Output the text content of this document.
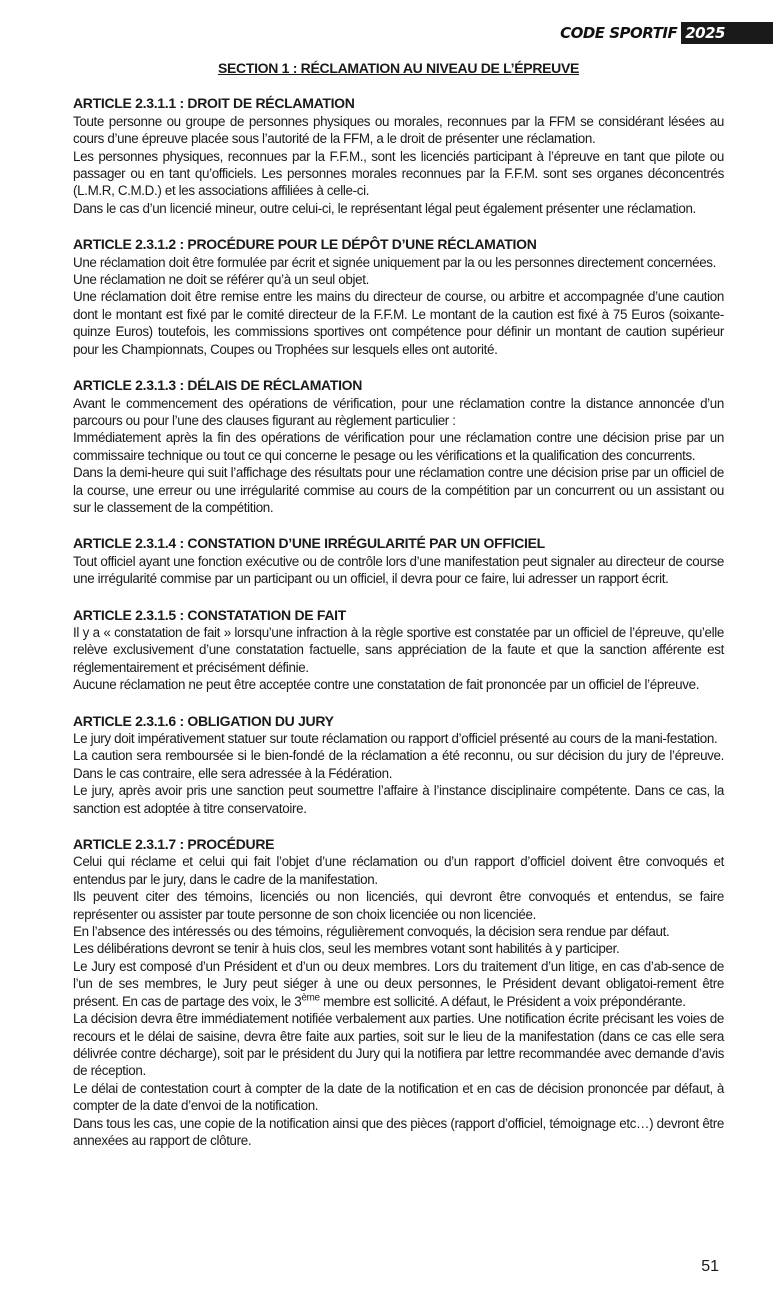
CODE SPORTIF 2025
SECTION 1 : RÉCLAMATION AU NIVEAU DE L’ÉPREUVE
ARTICLE 2.3.1.1 : DROIT DE RÉCLAMATION

Toute personne ou groupe de personnes physiques ou morales, reconnues par la FFM se considérant lésées au cours d’une épreuve placée sous l’autorité de la FFM, a le droit de présenter une réclamation.

Les personnes physiques, reconnues par la F.F.M., sont les licenciés participant à l’épreuve en tant que pilote ou passager ou en tant qu’officiels. Les personnes morales reconnues par la F.F.M. sont ses organes déconcentrés (L.M.R, C.M.D.) et les associations affiliées à celle-ci.

Dans le cas d’un licencié mineur, outre celui-ci, le représentant légal peut également présenter une réclamation.

ARTICLE 2.3.1.2 : PROCÉDURE POUR LE DÉPÔT D’UNE RÉCLAMATION

Une réclamation doit être formulée par écrit et signée uniquement par la ou les personnes directement concernées.

Une réclamation ne doit se référer qu’à un seul objet.

Une réclamation doit être remise entre les mains du directeur de course, ou arbitre et accompagnée d’une caution dont le montant est fixé par le comité directeur de la F.F.M. Le montant de la caution est fixé à 75 Euros (soixante-quinze Euros) toutefois, les commissions sportives ont compétence pour définir un montant de caution supérieur pour les Championnats, Coupes ou Trophées sur lesquels elles ont autorité.

ARTICLE 2.3.1.3 : DÉLAIS DE RÉCLAMATION

Avant le commencement des opérations de vérification, pour une réclamation contre la distance annoncée d’un parcours ou pour l’une des clauses figurant au règlement particulier :

Immédiatement après la fin des opérations de vérification pour une réclamation contre une décision prise par un commissaire technique ou tout ce qui concerne le pesage ou les vérifications et la qualification des concurrents.

Dans la demi-heure qui suit l’affichage des résultats pour une réclamation contre une décision prise par un officiel de la course, une erreur ou une irrégularité commise au cours de la compétition par un concurrent ou un assistant ou sur le classement de la compétition.

ARTICLE 2.3.1.4 : CONSTATION D’UNE IRRÉGULARITÉ PAR UN OFFICIEL

Tout officiel ayant une fonction exécutive ou de contrôle lors d’une manifestation peut signaler au directeur de course une irrégularité commise par un participant ou un officiel, il devra pour ce faire, lui adresser un rapport écrit.

ARTICLE 2.3.1.5 : CONSTATATION DE FAIT

Il y a « constatation de fait » lorsqu’une infraction à la règle sportive est constatée par un officiel de l’épreuve, qu’elle relève exclusivement d’une constatation factuelle, sans appréciation de la faute et que la sanction afférente est réglementairement et précisément définie.

Aucune réclamation ne peut être acceptée contre une constatation de fait prononcée par un officiel de l’épreuve.

ARTICLE 2.3.1.6 : OBLIGATION DU JURY

Le jury doit impérativement statuer sur toute réclamation ou rapport d’officiel présenté au cours de la mani-festation.

La caution sera remboursée si le bien-fondé de la réclamation a été reconnu, ou sur décision du jury de l’épreuve. Dans le cas contraire, elle sera adressée à la Fédération.

Le jury, après avoir pris une sanction peut soumettre l’affaire à l’instance disciplinaire compétente. Dans ce cas, la sanction est adoptée à titre conservatoire.

ARTICLE 2.3.1.7 : PROCÉDURE

Celui qui réclame et celui qui fait l’objet d’une réclamation ou d’un rapport d’officiel doivent être convoqués et entendus par le jury, dans le cadre de la manifestation.

Ils peuvent citer des témoins, licenciés ou non licenciés, qui devront être convoqués et entendus, se faire représenter ou assister par toute personne de son choix licenciée ou non licenciée.

En l’absence des intéressés ou des témoins, régulièrement convoqués, la décision sera rendue par défaut.

Les délibérations devront se tenir à huis clos, seul les membres votant sont habilités à y participer.

Le Jury est composé d’un Président et d’un ou deux membres. Lors du traitement d’un litige, en cas d’ab-sence de l’un de ses membres, le Jury peut siéger à une ou deux personnes, le Président devant obligatoi-rement être présent. En cas de partage des voix, le 3ème membre est sollicité. A défaut, le Président a voix prépondérante.

La décision devra être immédiatement notifiée verbalement aux parties. Une notification écrite précisant les voies de recours et le délai de saisine, devra être faite aux parties, soit sur le lieu de la manifestation (dans ce cas elle sera délivrée contre décharge), soit par le président du Jury qui la notifiera par lettre recommandée avec demande d’avis de réception.

Le délai de contestation court à compter de la date de la notification et en cas de décision prononcée par défaut, à compter de la date d’envoi de la notification.

Dans tous les cas, une copie de la notification ainsi que des pièces (rapport d’officiel, témoignage etc…) devront être annexées au rapport de clôture.

51
